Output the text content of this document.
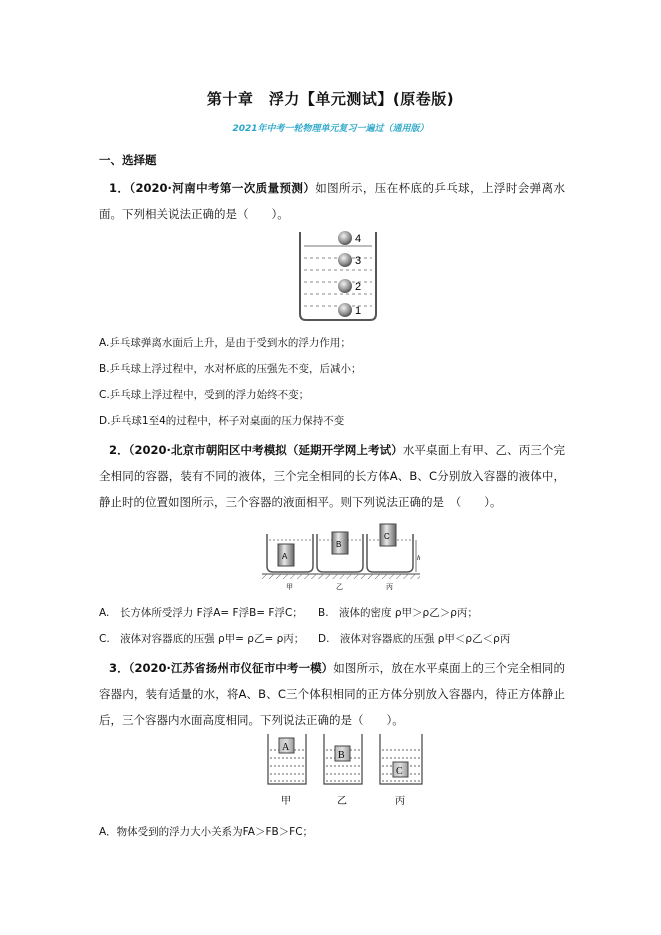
第十章　浮力【单元测试】(原卷版)
2021年中考一轮物理单元复习一遍过（通用版）
一、选择题
1．（2020·河南中考第一次质量预测）如图所示，压在杯底的乒乓球，上浮时会弹离水面。下列相关说法正确的是（　　）。
4
3
2
1
A.乒乓球弹离水面后上升，是由于受到水的浮力作用；
B.乒乓球上浮过程中，水对杯底的压强先不变，后减小；
C.乒乓球上浮过程中，受到的浮力始终不变；
D.乒乓球1至4的过程中，杯子对桌面的压力保持不变
2．（2020·北京市朝阳区中考模拟（延期开学网上考试）水平桌面上有甲、乙、丙三个完全相同的容器，装有不同的液体，三个完全相同的长方体A、B、C分别放入容器的液体中，静止时的位置如图所示，三个容器的液面相平。则下列说法正确的是　（　　）。
A
B
C
h
甲	乙	丙
A.　长方体所受浮力 F浮A= F浮B= F浮C； B.　液体的密度 ρ甲＞ρ乙＞ρ丙；
C.　液体对容器底的压强 ρ甲= ρ乙= ρ丙； D.　液体对容器底的压强 ρ甲＜ρ乙＜ρ丙
3．（2020·江苏省扬州市仪征市中考一模）如图所示，放在水平桌面上的三个完全相同的容器内，装有适量的水，将A、B、C三个体积相同的正方体分别放入容器内，待正方体静止后，三个容器内水面高度相同。下列说法正确的是（　　）。
A
B
C
甲	乙	丙
A．物体受到的浮力大小关系为FA＞FB＞FC；
